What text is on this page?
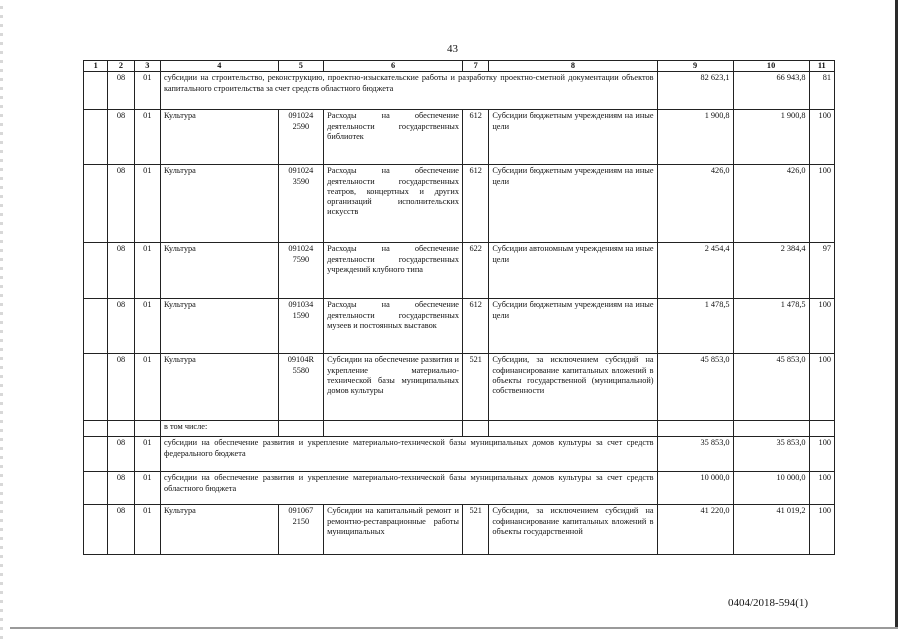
43
1	2	3	4	5	6	7	8	9	10	11
	08	01	субсидии на строительство, реконструкцию, проектно-изыскательские работы и разработку проектно-сметной документации объектов капитального строительства за счет средств областного бюджета					82 623,1	66 943,8	81
	08	01	Культура	091024 2590	Расходы на обеспечение деятельности государственных библиотек	612	Субсидии бюджетным учреждениям на иные цели	1 900,8	1 900,8	100
	08	01	Культура	091024 3590	Расходы на обеспечение деятельности государственных театров, концертных и других организаций исполнительских искусств	612	Субсидии бюджетным учреждениям на иные цели	426,0	426,0	100
	08	01	Культура	091024 7590	Расходы на обеспечение деятельности государственных учреждений клубного типа	622	Субсидии автономным учреждениям на иные цели	2 454,4	2 384,4	97
	08	01	Культура	091034 1590	Расходы на обеспечение деятельности государственных музеев и постоянных выставок	612	Субсидии бюджетным учреждениям на иные цели	1 478,5	1 478,5	100
	08	01	Культура	09104R 5580	Субсидии на обеспечение развития и укрепление материально-технической базы муниципальных домов культуры	521	Субсидии, за исключением субсидий на софинансирование капитальных вложений в объекты государственной (муниципальной) собственности	45 853,0	45 853,0	100
			в том числе:							
	08	01	субсидии на обеспечение развития и укрепление материально-технической базы муниципальных домов культуры за счет средств федерального бюджета					35 853,0	35 853,0	100
	08	01	субсидии на обеспечение развития и укрепление материально-технической базы муниципальных домов культуры за счет средств областного бюджета					10 000,0	10 000,0	100
	08	01	Культура	091067 2150	Субсидии на капитальный ремонт и ремонтно-реставрационные работы муниципальных	521	Субсидии, за исключением субсидий на софинансирование капитальных вложений в объекты государственной	41 220,0	41 019,2	100
0404/2018-594(1)
